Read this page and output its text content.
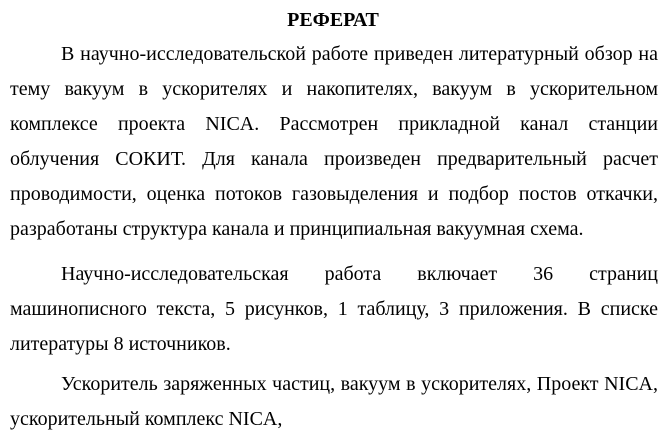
РЕФЕРАТ

В научно-исследовательской работе приведен литературный обзор на тему вакуум в ускорителях и накопителях, вакуум в ускорительном комплексе проекта NICA. Рассмотрен прикладной канал станции облучения СОКИТ. Для канала произведен предварительный расчет проводимости, оценка потоков газовыделения и подбор постов откачки, разработаны структура канала и принципиальная вакуумная схема.

Научно-исследовательская работа включает 36 страниц машинописного текста, 5 рисунков, 1 таблицу, 3 приложения. В списке литературы 8 источников.

Ускоритель заряженных частиц, вакуум в ускорителях, Проект NICA, ускорительный комплекс NICA,
